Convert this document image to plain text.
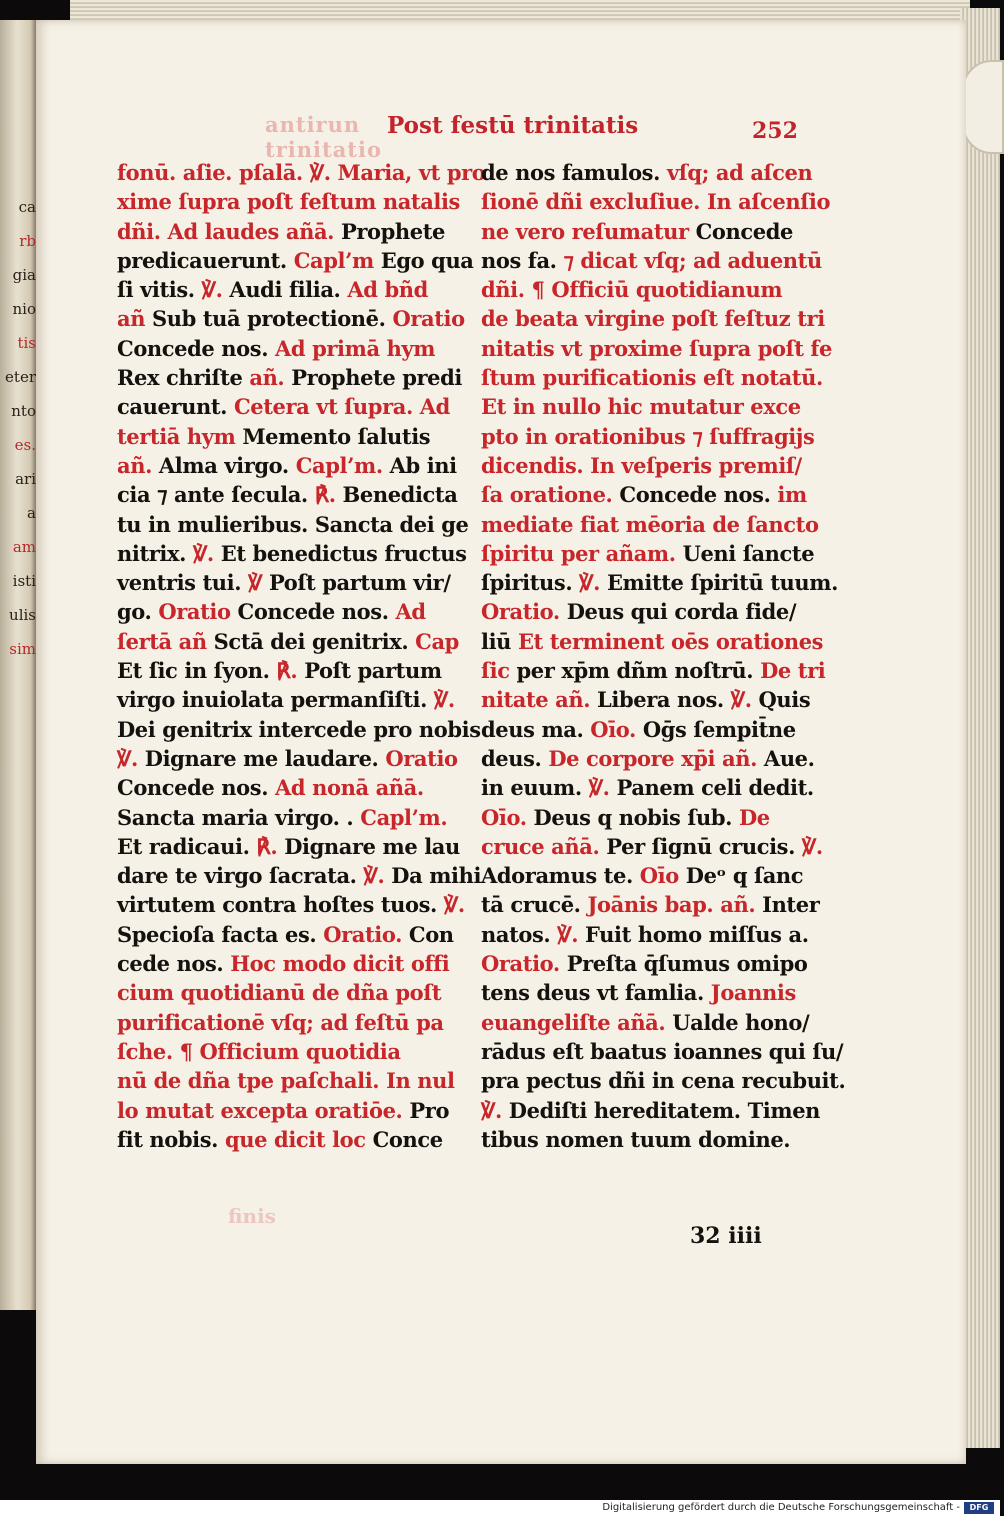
ca
rb
gia
nio
tis
eter
nto
es.
ari
a
am
isti
ulis
sim
antirun trinitatio
Post festū trinitatis	252
fonū. aſie. pſalā. ℣. Maria, vt pro
xime ſupra poſt feſtum natalis
dñi. Ad laudes añā. Prophete
predicauerunt. Capl’m Ego qua
ſi vitis. ℣. Audi filia. Ad bñd
añ Sub tuā protectionē. Oratio
Concede nos. Ad primā hym
Rex chriſte añ. Prophete predi
cauerunt. Cetera vt ſupra. Ad
tertiā hym Memento ſalutis
añ. Alma virgo. Capl’m. Ab ini
cia ⁊ ante ſecula. ℟. Benedicta
tu in mulieribus. Sancta dei ge
nitrix. ℣. Et benedictus fructus
ventris tui. ℣ Poſt partum vir/
go. Oratio Concede nos. Ad
ſertā añ Sctā dei genitrix. Cap
Et ſic in ſyon. ℟. Poſt partum
virgo inuiolata permanſiſti. ℣.
Dei genitrix intercede pro nobis
℣. Dignare me laudare. Oratio
Concede nos. Ad nonā añā.
Sancta maria virgo. . Capl’m.
Et radicaui. ℟. Dignare me lau
dare te virgo ſacrata. ℣. Da mihi
virtutem contra hoſtes tuos. ℣.
Specioſa facta es. Oratio. Con
cede nos. Hoc modo dicit offi
cium quotidianū de dña poſt
purificationē vſq; ad feſtū pa
ſche. ¶ Officium quotidia
nū de dña tpe paſchali. In nul
lo mutat excepta oratiōe. Pro
fit nobis. que dicit loc Conce
de nos famulos. vſq; ad aſcen
ſionē dñi excluſiue. In aſcenſio
ne vero reſumatur Concede
nos fa. ⁊ dicat vſq; ad aduentū
dñi. ¶ Officiū quotidianum
de beata virgine poſt feſtuz tri
nitatis vt proxime ſupra poſt fe
ſtum purificationis eſt notatū.
Et in nullo hic mutatur exce
pto in orationibus ⁊ ſuffragijs
dicendis. In veſperis premiſ/
ſa oratione. Concede nos. im
mediate fiat mēoria de ſancto
ſpiritu per añam. Ueni ſancte
ſpiritus. ℣. Emitte ſpiritū tuum.
Oratio. Deus qui corda fide/
liū Et terminent oēs orationes
ſic per xp̄m dñm noſtrū. De tri
nitate añ. Libera nos. ℣. Quis
deus ma. Oīo. Oḡs ſempit̄ne
deus. De corpore xp̄i añ. Aue.
in euum. ℣. Panem celi dedit.
Oīo. Deus q nobis ſub. De
cruce añā. Per ſignū crucis. ℣.
Adoramus te. Oīo Deᵒ q ſanc
tā crucē. Joānis bap. añ. Inter
natos. ℣. Fuit homo miſſus a.
Oratio. Preſta q̄ſumus omipo
tens deus vt famlia. Joannis
euangeliſte añā. Ualde hono/
rādus eſt baatus ioannes qui ſu/
pra pectus dñi in cena recubuit.
℣. Dediſti hereditatem. Timen
tibus nomen tuum domine.
finis
32 iiii
Digitalisierung gefördert durch die Deutsche Forschungsgemeinschaft -	DFG
